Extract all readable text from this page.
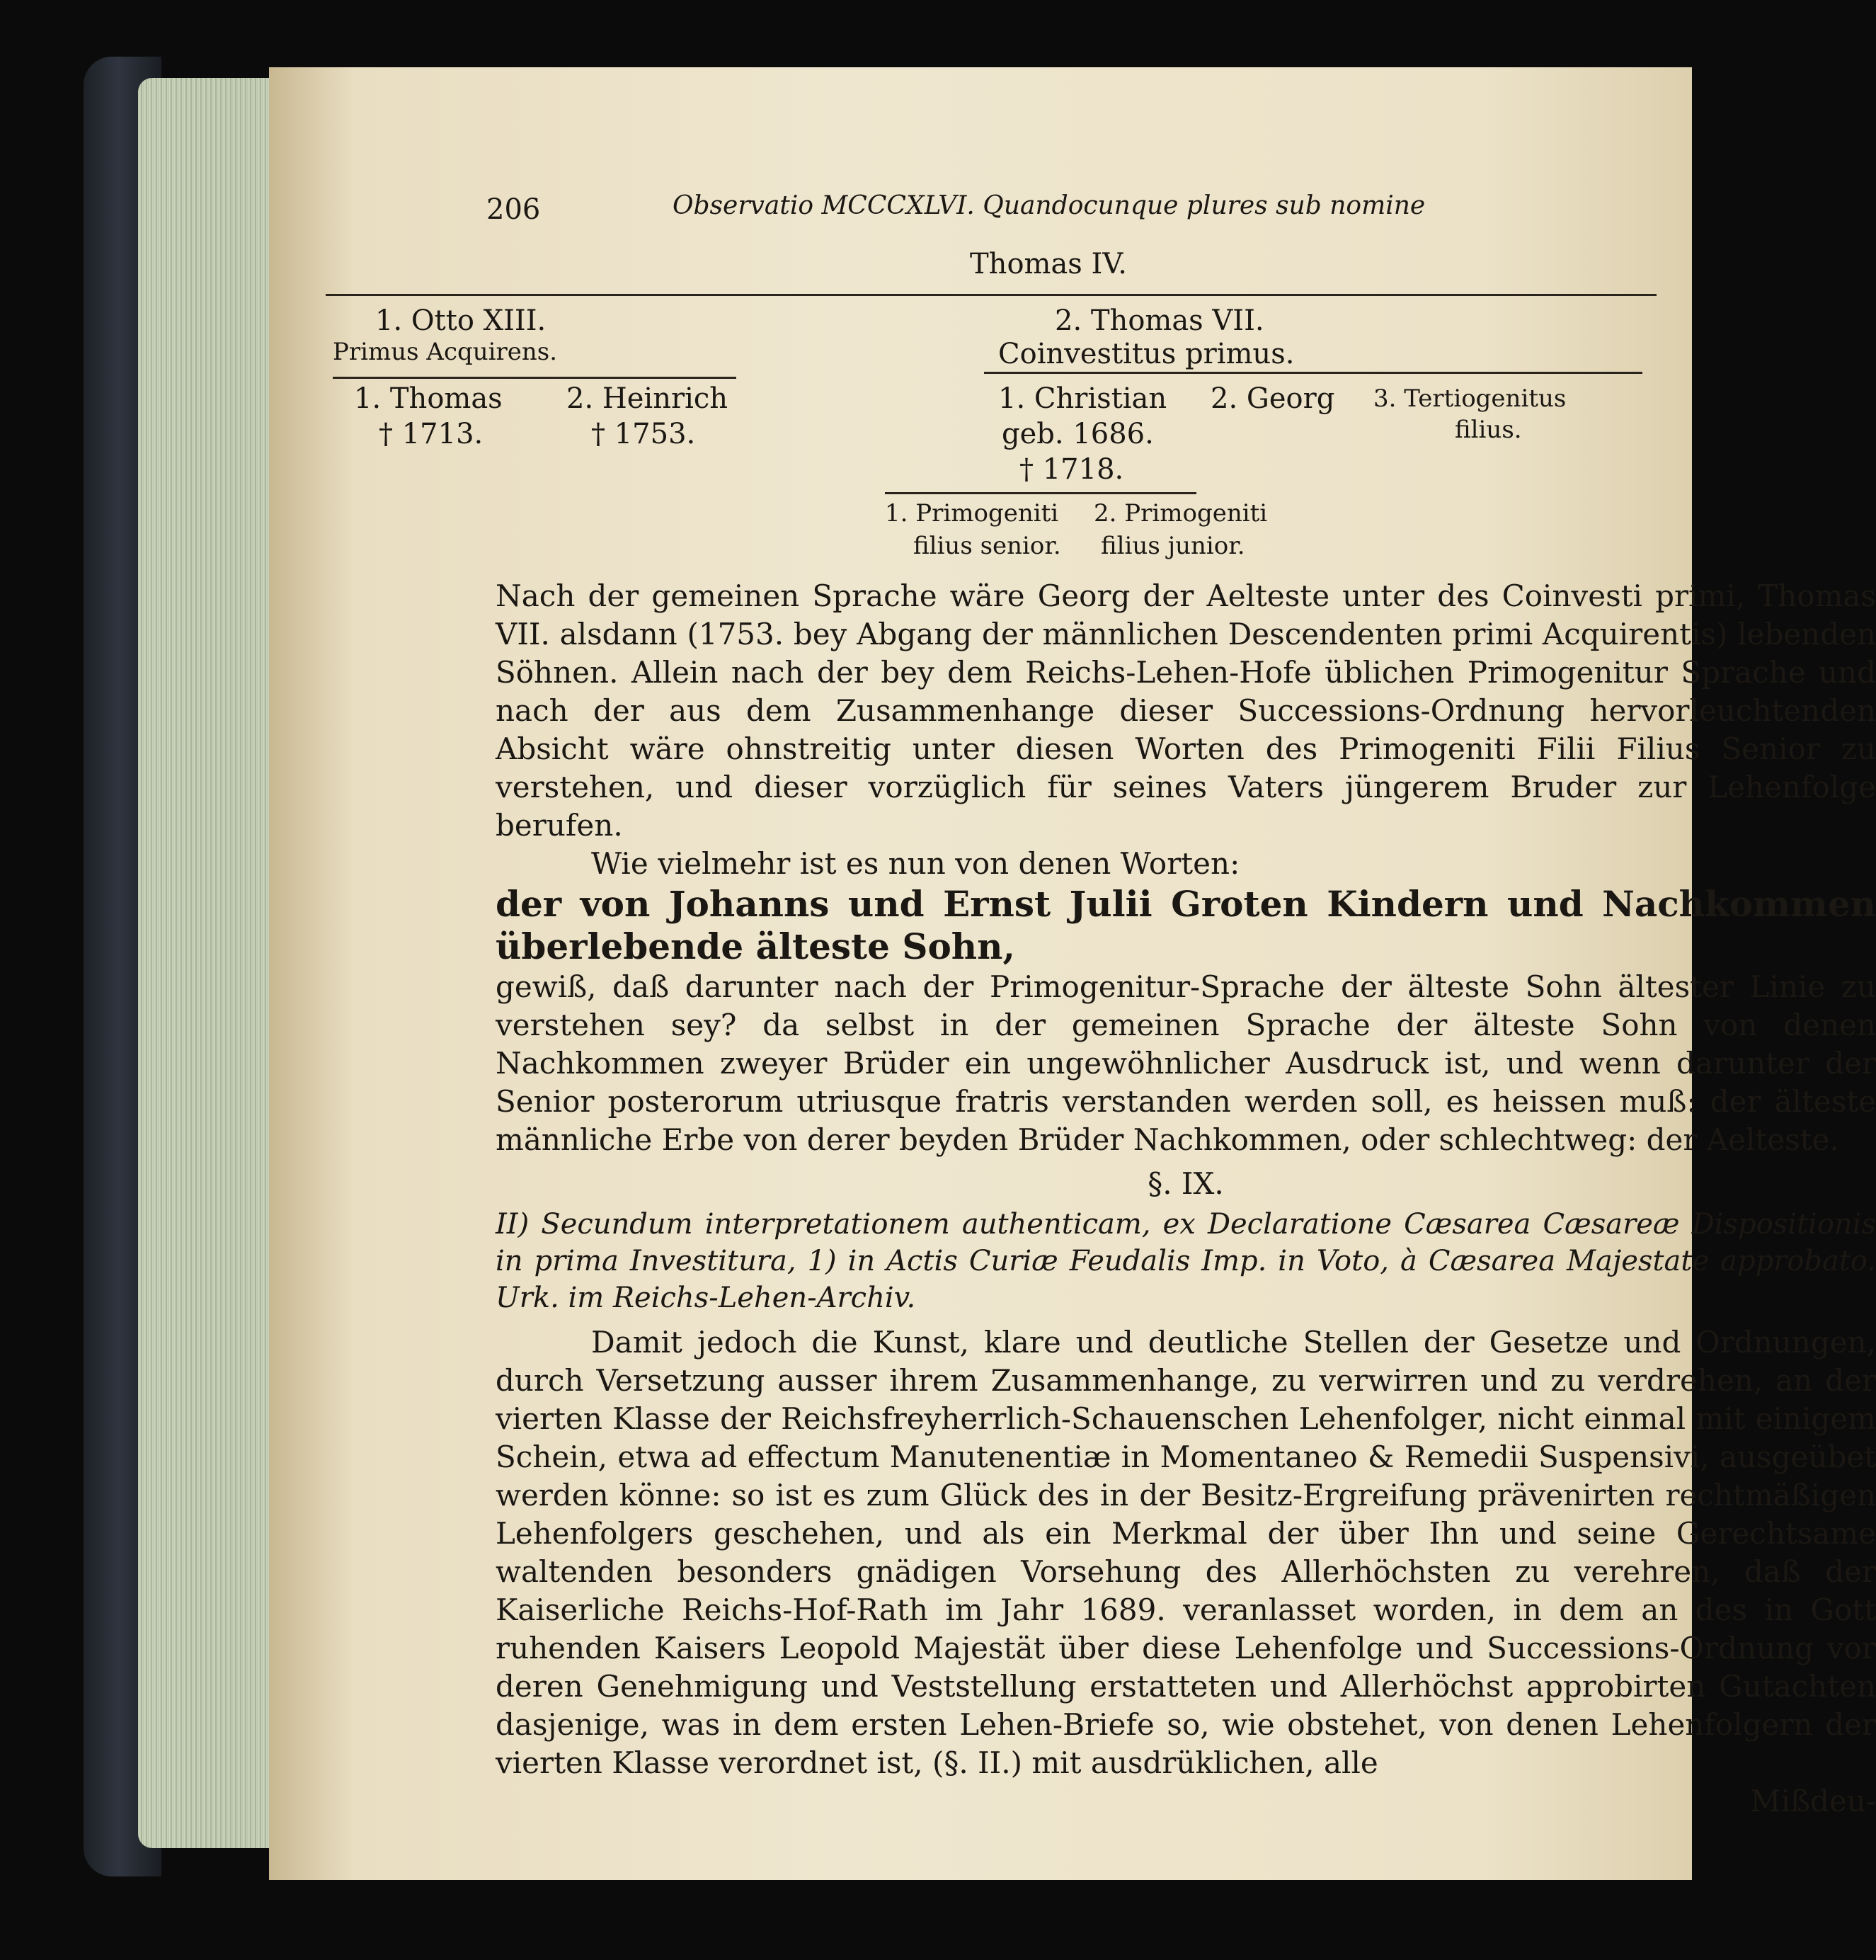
206	Observatio MCCCXLVI. Quandocunque plures sub nomine
Thomas IV.
1. Otto XIII.
Primus Acquirens.
2. Thomas VII.
Coinvestitus primus.
1. Thomas
† 1713.
2. Heinrich
† 1753.
1. Christian
geb. 1686.
† 1718.
2. Georg 3. Tertiogenitus
filius.
1. Primogeniti
filius senior.
2. Primogeniti
filius junior.

Nach der gemeinen Sprache wäre Georg der Aelteste unter des Coinvesti primi, Thomas VII. alsdann (1753. bey Abgang der männlichen Descendenten primi Acquirentis) lebenden Söhnen. Allein nach der bey dem Reichs-Lehen-Hofe üblichen Primogenitur Sprache und nach der aus dem Zusammenhange dieser Successions-Ordnung hervorleuchtenden Absicht wäre ohnstreitig unter diesen Worten des Primogeniti Filii Filius Senior zu verstehen, und dieser vorzüglich für seines Vaters jüngerem Bruder zur Lehenfolge berufen.

Wie vielmehr ist es nun von denen Worten:

der von Johanns und Ernst Julii Groten Kindern und Nachkommen überlebende älteste Sohn,

gewiß, daß darunter nach der Primogenitur-Sprache der älteste Sohn ältester Linie zu verstehen sey? da selbst in der gemeinen Sprache der älteste Sohn von denen Nachkommen zweyer Brüder ein ungewöhnlicher Ausdruck ist, und wenn darunter der Senior posterorum utriusque fratris verstanden werden soll, es heissen muß: der älteste männliche Erbe von derer beyden Brüder Nachkommen, oder schlechtweg: der Aelteste.

§. IX.

II) Secundum interpretationem authenticam, ex Declaratione Cæsarea Cæsareæ Dispositionis in prima Investitura, 1) in Actis Curiæ Feudalis Imp. in Voto, à Cæsarea Majestate approbato. Urk. im Reichs-Lehen-Archiv.

Damit jedoch die Kunst, klare und deutliche Stellen der Gesetze und Ordnungen, durch Versetzung ausser ihrem Zusammenhange, zu verwirren und zu verdrehen, an der vierten Klasse der Reichsfreyherrlich-Schauenschen Lehenfolger, nicht einmal mit einigem Schein, etwa ad effectum Manutenentiæ in Momentaneo & Remedii Suspensivi, ausgeübet werden könne: so ist es zum Glück des in der Besitz-Ergreifung prävenirten rechtmäßigen Lehenfolgers geschehen, und als ein Merkmal der über Ihn und seine Gerechtsame waltenden besonders gnädigen Vorsehung des Allerhöchsten zu verehren, daß der Kaiserliche Reichs-Hof-Rath im Jahr 1689. veranlasset worden, in dem an des in Gott ruhenden Kaisers Leopold Majestät über diese Lehenfolge und Successions-Ordnung vor deren Genehmigung und Veststellung erstatteten und Allerhöchst approbirten Gutachten dasjenige, was in dem ersten Lehen-Briefe so, wie obstehet, von denen Lehenfolgern der vierten Klasse verordnet ist, (§. II.) mit ausdrüklichen, alle

Mißdeu-
